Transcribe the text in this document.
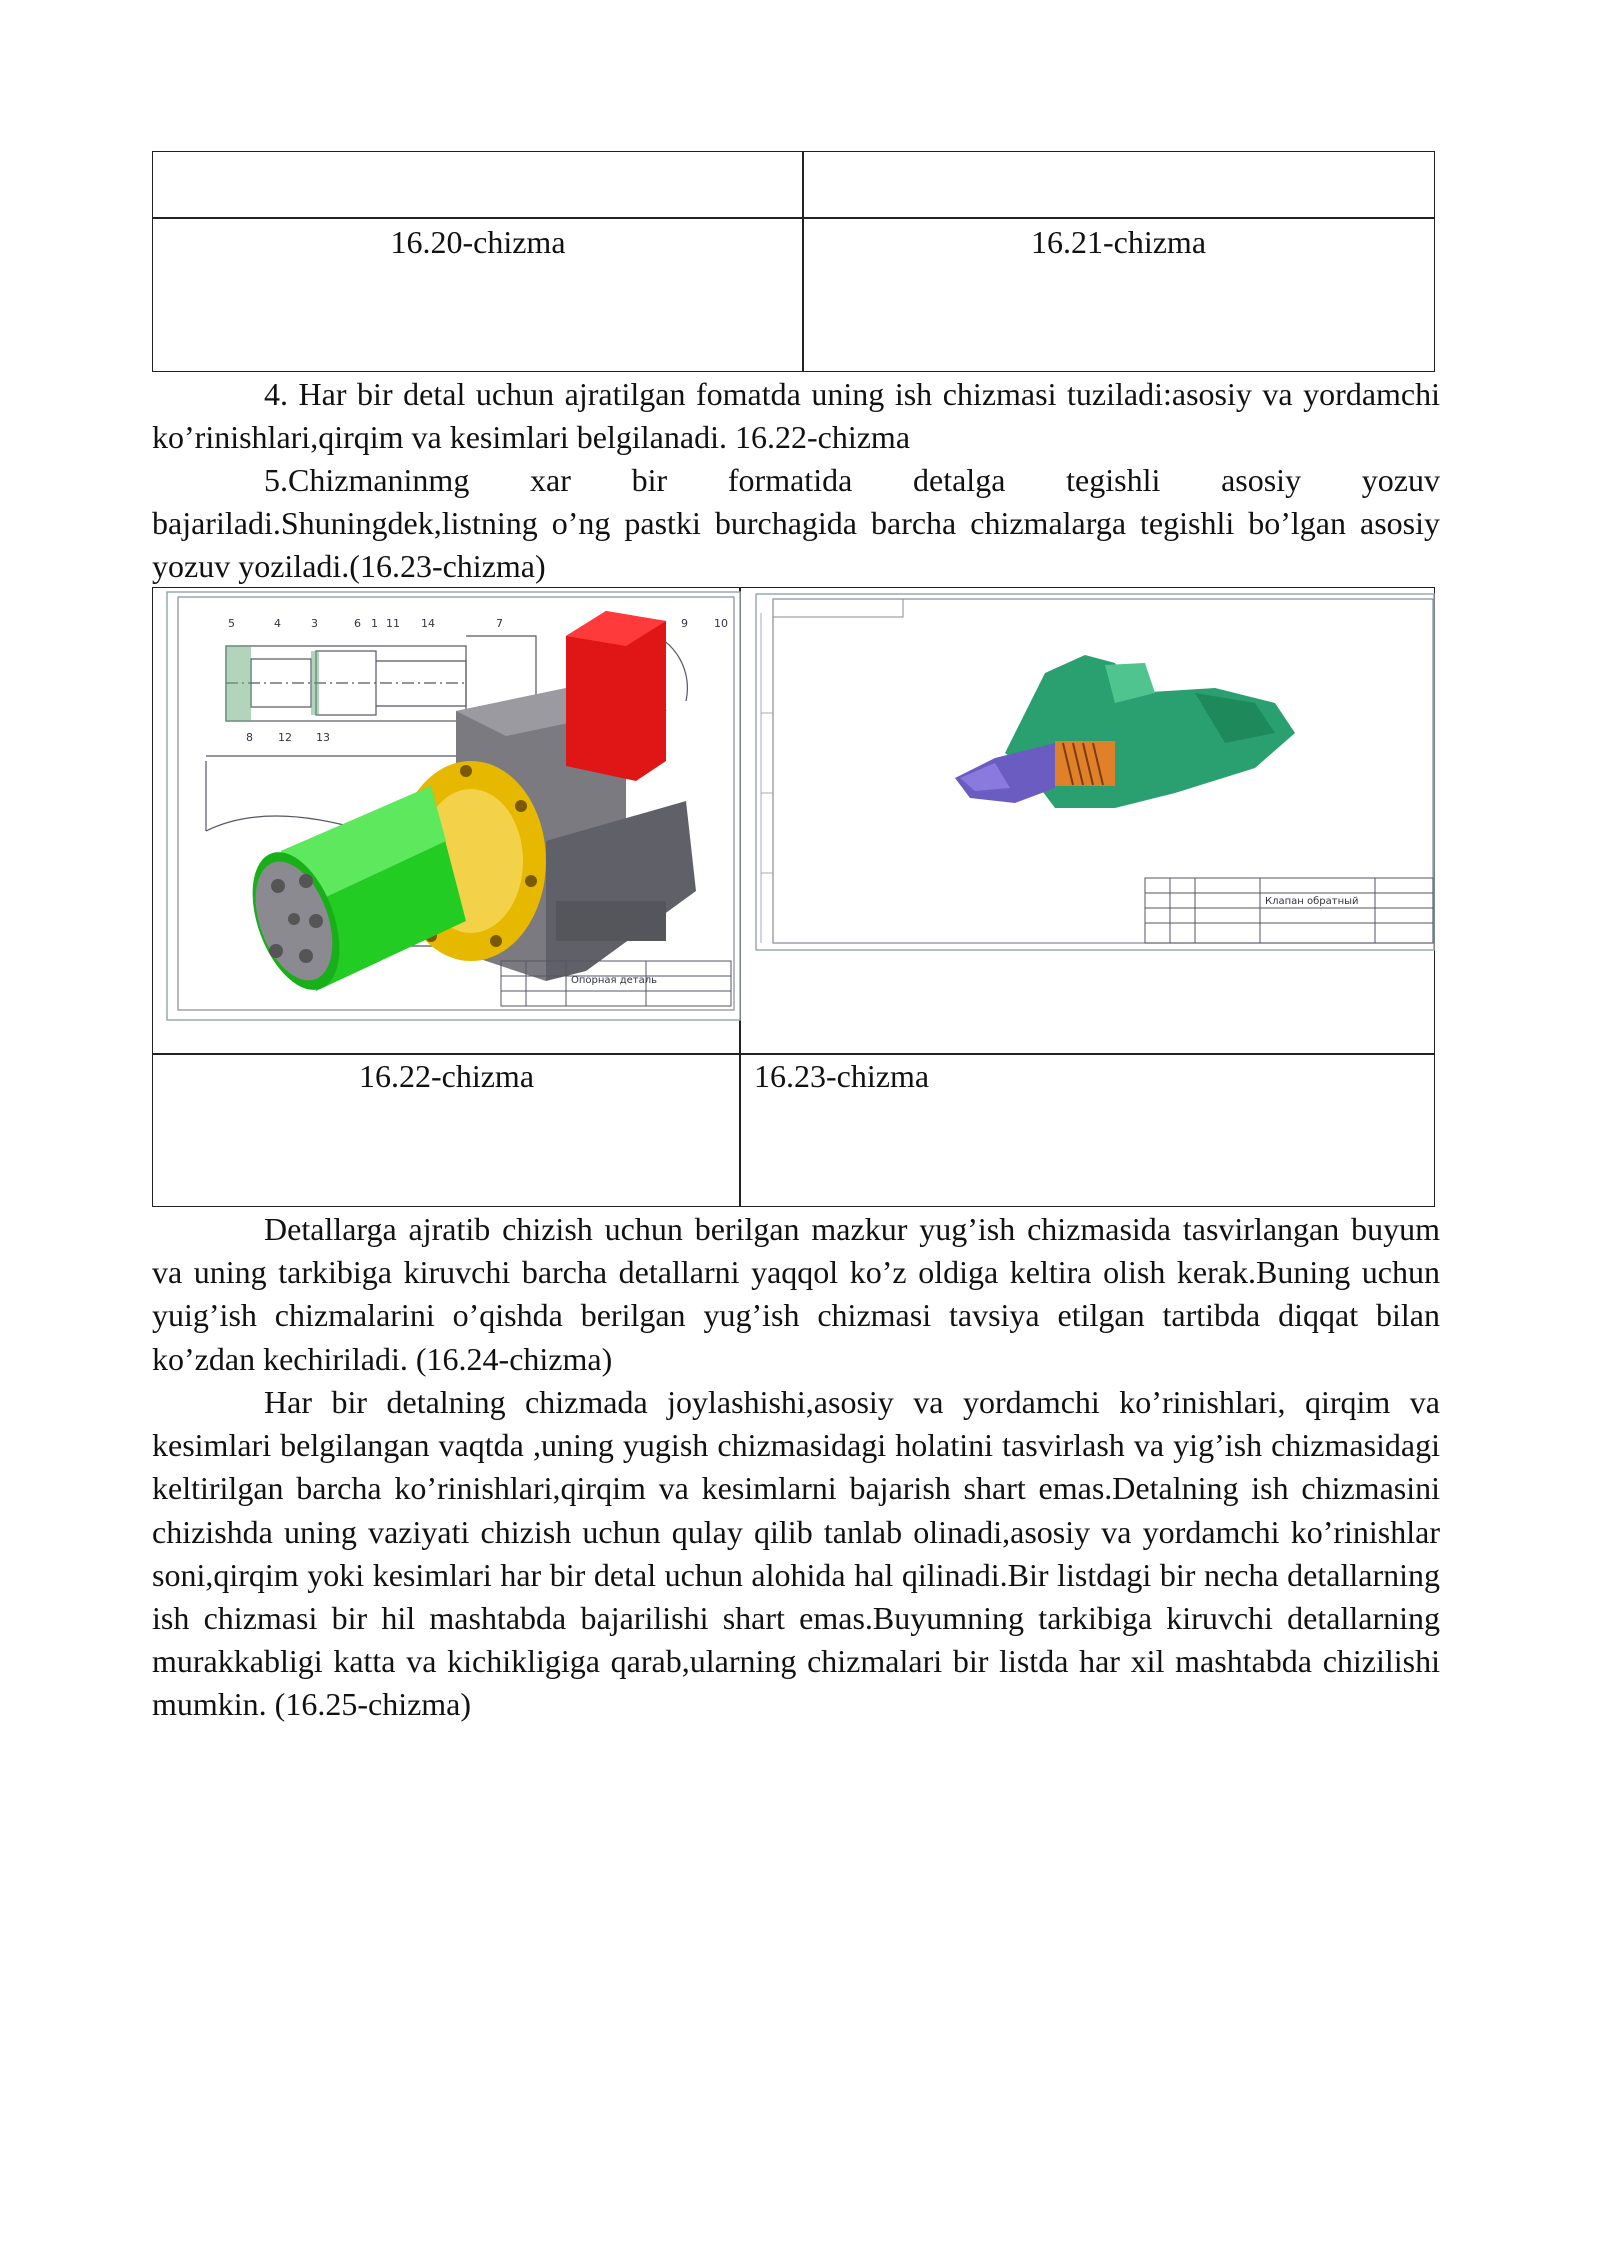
16.20-chizma	16.21-chizma

4. Har bir detal uchun ajratilgan fomatda uning ish chizmasi tuziladi:asosiy va yordamchi ko’rinishlari,qirqim va kesimlari belgilanadi. 16.22-chizma

5.Chizmaninmg xar bir formatida detalga tegishli asosiy yozuv bajariladi.Shuningdek,listning o’ng pastki burchagida barcha chizmalarga tegishli bo’lgan asosiy yozuv yoziladi.(16.23-chizma)

5	4	3	6 1 11 14	7	9 10
8 12 13
Опорная деталь
Клапан обратный
16.22-chizma	16.23-chizma

Detallarga ajratib chizish uchun berilgan mazkur yug’ish chizmasida tasvirlangan buyum va uning tarkibiga kiruvchi barcha detallarni yaqqol ko’z oldiga keltira olish kerak.Buning uchun yuig’ish chizmalarini o’qishda berilgan yug’ish chizmasi tavsiya etilgan tartibda diqqat bilan ko’zdan kechiriladi. (16.24-chizma)

Har bir detalning chizmada joylashishi,asosiy va yordamchi ko’rinishlari, qirqim va kesimlari belgilangan vaqtda ,uning yugish chizmasidagi holatini tasvirlash va yig’ish chizmasidagi keltirilgan barcha ko’rinishlari,qirqim va kesimlarni bajarish shart emas.Detalning ish chizmasini chizishda uning vaziyati chizish uchun qulay qilib tanlab olinadi,asosiy va yordamchi ko’rinishlar soni,qirqim yoki kesimlari har bir detal uchun alohida hal qilinadi.Bir listdagi bir necha detallarning ish chizmasi bir hil mashtabda bajarilishi shart emas.Buyumning tarkibiga kiruvchi detallarning murakkabligi katta va kichikligiga qarab,ularning chizmalari bir listda har xil mashtabda chizilishi mumkin. (16.25-chizma)
